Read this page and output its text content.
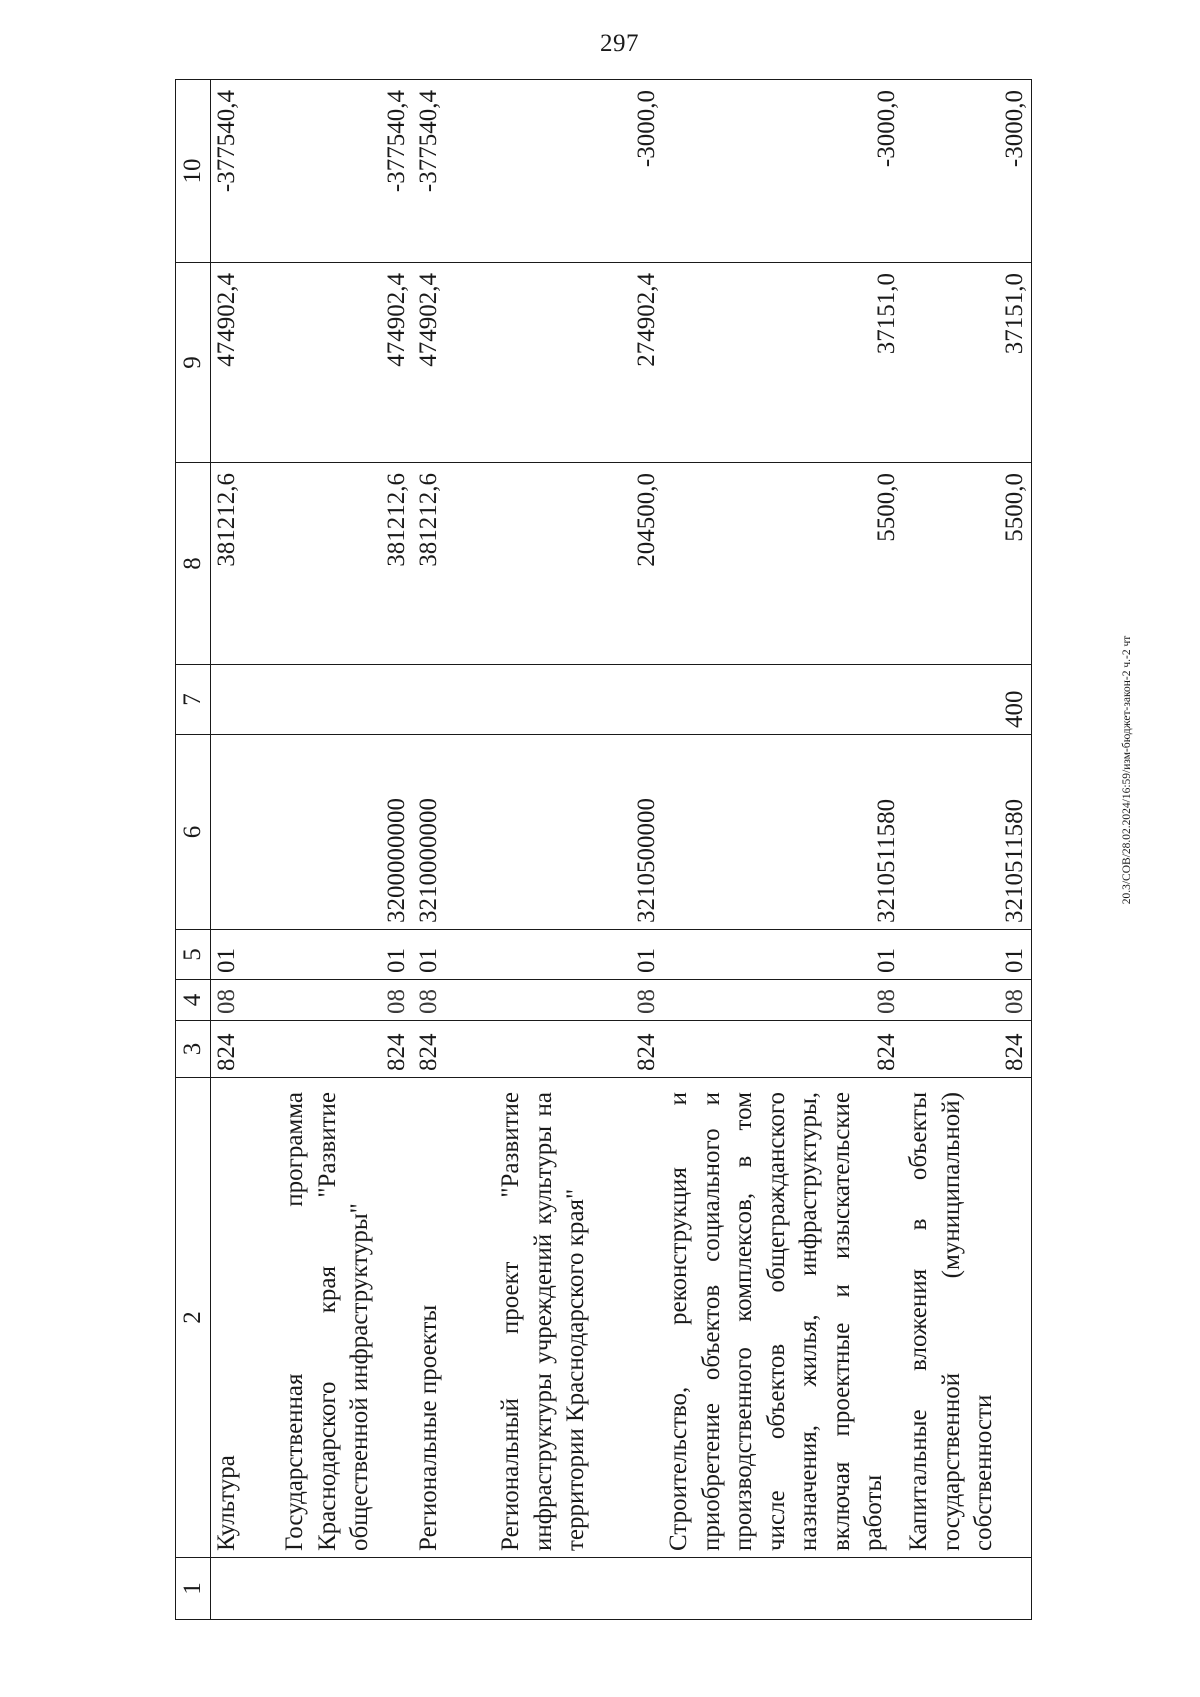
297
20.3/СОВ/28.02.2024/16:59/изм-бюджет-закон-2 ч.-2 чт
1	2	3	4	5	6	7	8	9	10
	Культура	824	08	01			381212,6	474902,4	-377540,4
	Государственная программа Краснодарского края "Развитие общественной инфраструктуры"	824	08	01	3200000000		381212,6	474902,4	-377540,4
	Региональные проекты	824	08	01	3210000000		381212,6	474902,4	-377540,4
	Региональный проект "Развитие инфраструктуры учреждений культуры на территории Краснодарского края"	824	08	01	3210500000		204500,0	274902,4	-3000,0
	Строительство, реконструкция и приобретение объектов социального и производственного комплексов, в том числе объектов общегражданского назначения, жилья, инфраструктуры, включая проектные и изыскательские работы	824	08	01	3210511580		5500,0	37151,0	-3000,0
	Капитальные вложения в объекты государственной (муниципальной) собственности	824	08	01	3210511580	400	5500,0	37151,0	-3000,0
